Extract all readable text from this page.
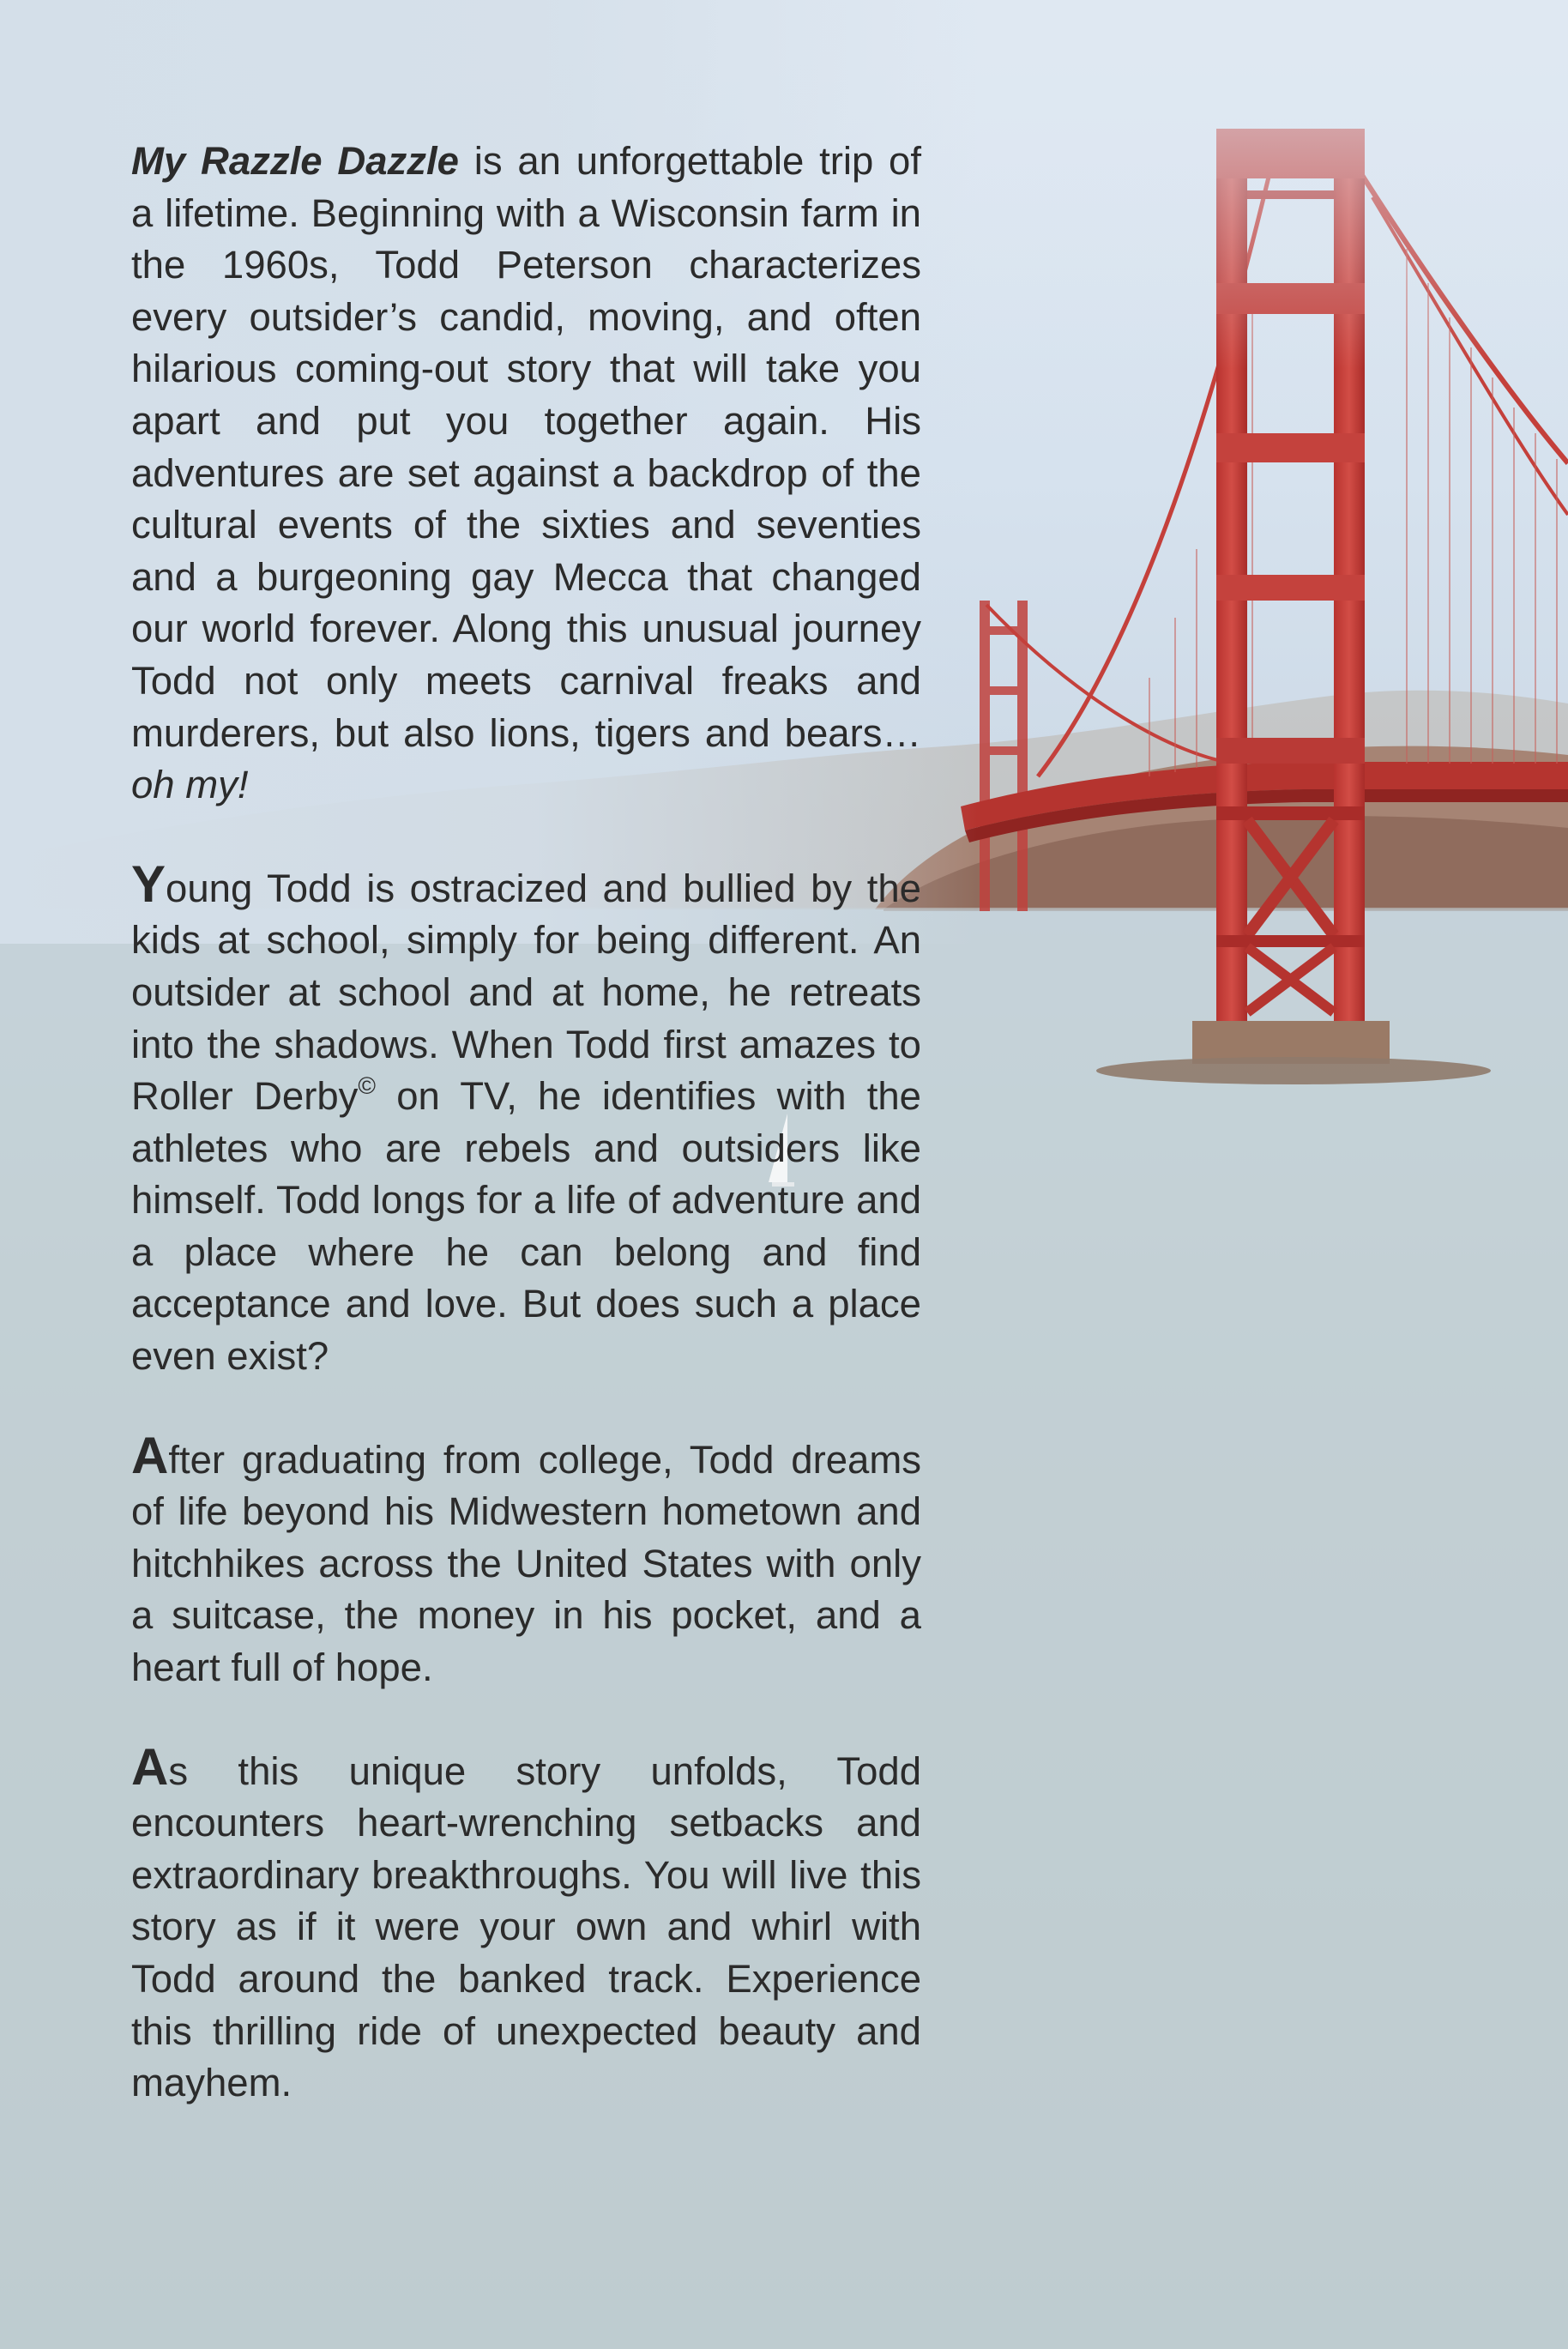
My Razzle Dazzle is an unforgettable trip of a lifetime. Beginning with a Wisconsin farm in the 1960s, Todd Peterson characterizes every outsider’s candid, moving, and often hilarious coming-out story that will take you apart and put you together again. His adventures are set against a backdrop of the cultural events of the sixties and seventies and a burgeoning gay Mecca that changed our world forever. Along this unusual journey Todd not only meets carnival freaks and murderers, but also lions, tigers and bears… oh my!

Young Todd is ostracized and bullied by the kids at school, simply for being different. An outsider at school and at home, he retreats into the shadows. When Todd first amazes to Roller Derby© on TV, he identifies with the athletes who are rebels and outsiders like himself. Todd longs for a life of adventure and a place where he can belong and find acceptance and love. But does such a place even exist?

After graduating from college, Todd dreams of life beyond his Midwestern hometown and hitchhikes across the United States with only a suitcase, the money in his pocket, and a heart full of hope.

As this unique story unfolds, Todd encounters heart-wrenching setbacks and extraordinary breakthroughs. You will live this story as if it were your own and whirl with Todd around the banked track. Experience this thrilling ride of unexpected beauty and mayhem.
